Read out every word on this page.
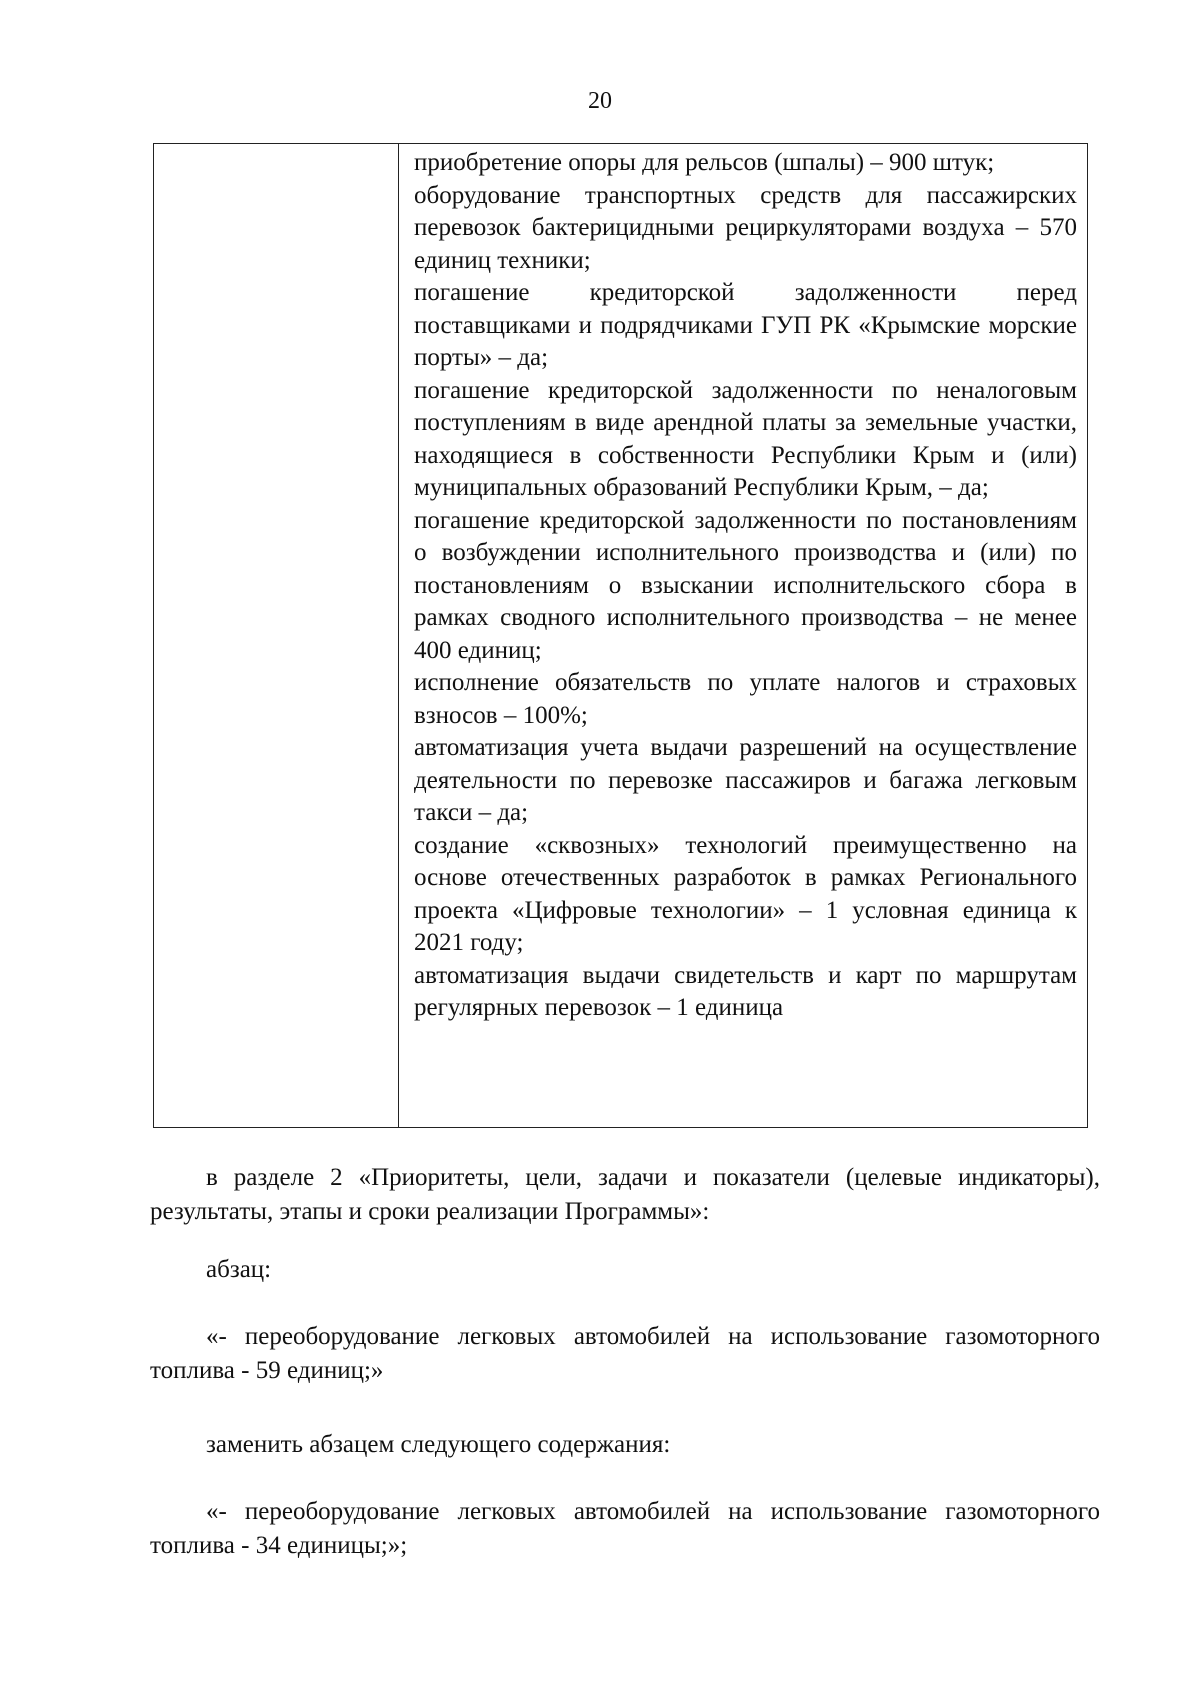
20

приобретение опоры для рельсов (шпалы) – 900 штук;

оборудование транспортных средств для пассажирских перевозок бактерицидными рециркуляторами воздуха – 570 единиц техники;

погашение кредиторской задолженности перед поставщиками и подрядчиками ГУП РК «Крымские морские порты» – да;

погашение кредиторской задолженности по неналоговым поступлениям в виде арендной платы за земельные участки, находящиеся в собственности Республики Крым и (или) муниципальных образований Республики Крым, – да;

погашение кредиторской задолженности по постановлениям о возбуждении исполнительного производства и (или) по постановлениям о взыскании исполнительского сбора в рамках сводного исполнительного производства – не менее 400 единиц;

исполнение обязательств по уплате налогов и страховых взносов – 100%;

автоматизация учета выдачи разрешений на осуществление деятельности по перевозке пассажиров и багажа легковым такси – да;

создание «сквозных» технологий преимущественно на основе отечественных разработок в рамках Регионального проекта «Цифровые технологии» – 1 условная единица к 2021 году;

автоматизация выдачи свидетельств и карт по маршрутам регулярных перевозок – 1 единица

в разделе 2 «Приоритеты, цели, задачи и показатели (целевые индикаторы), результаты, этапы и сроки реализации Программы»:

абзац:

«- переоборудование легковых автомобилей на использование газомоторного топлива - 59 единиц;»

заменить абзацем следующего содержания:

«- переоборудование легковых автомобилей на использование газомоторного топлива - 34 единицы;»;
